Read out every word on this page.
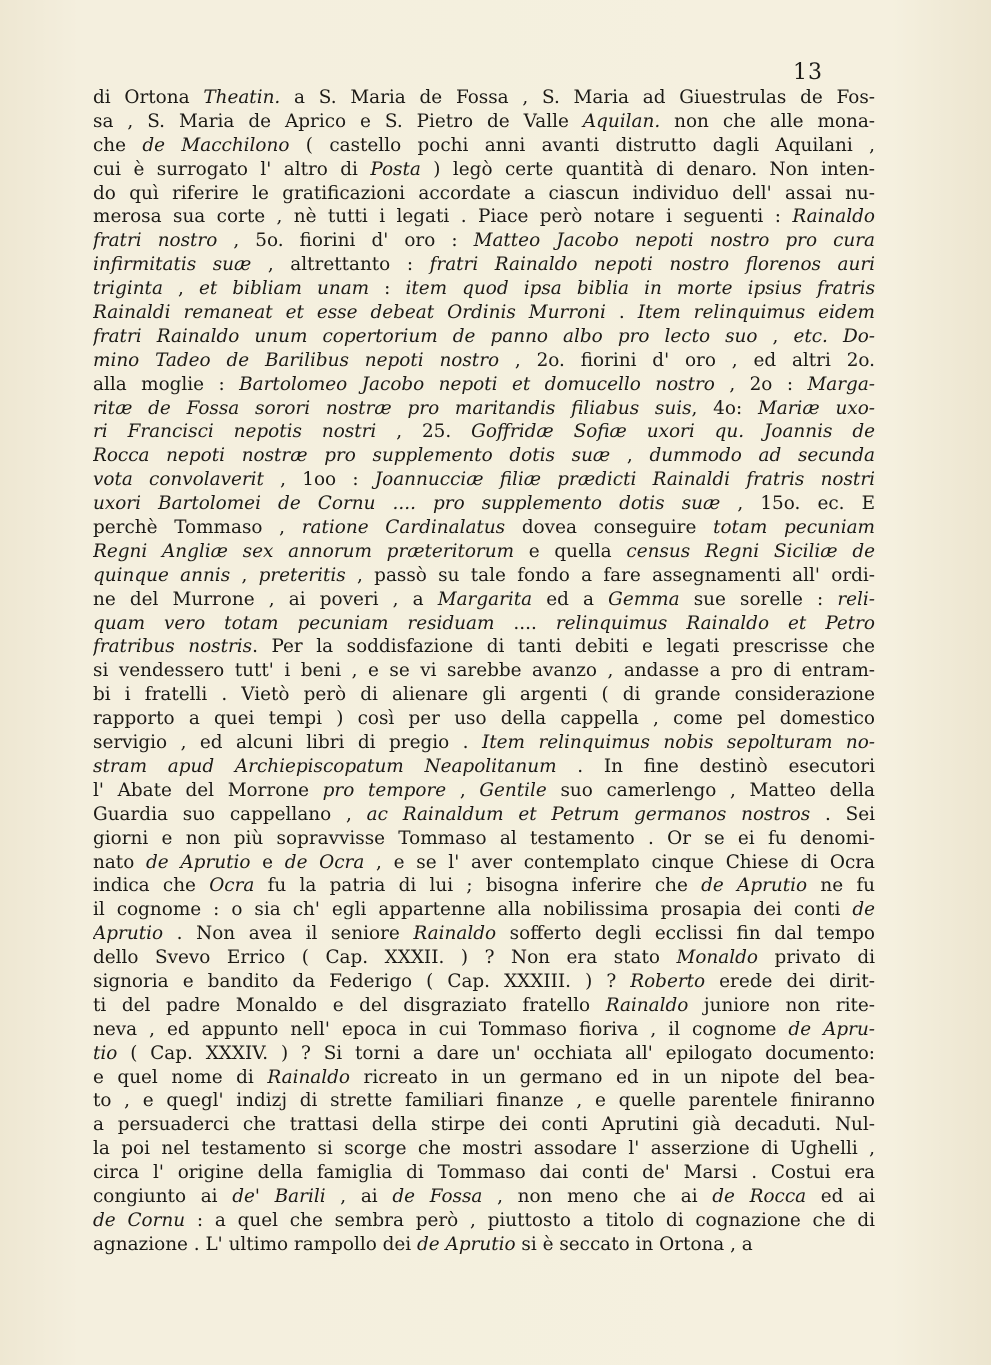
13
di Ortona Theatin. a S. Maria de Fossa , S. Maria ad Giuestrulas de Fos-
sa , S. Maria de Aprico e S. Pietro de Valle Aquilan. non che alle mona-
che de Macchilono ( castello pochi anni avanti distrutto dagli Aquilani ,
cui è surrogato l' altro di Posta ) legò certe quantità di denaro. Non inten-
do quì riferire le gratificazioni accordate a ciascun individuo dell' assai nu-
merosa sua corte , nè tutti i legati . Piace però notare i seguenti : Rainaldo
fratri nostro , 5o. fiorini d' oro : Matteo Jacobo nepoti nostro pro cura
infirmitatis suæ , altrettanto : fratri Rainaldo nepoti nostro florenos auri
triginta , et bibliam unam : item quod ipsa biblia in morte ipsius fratris
Rainaldi remaneat et esse debeat Ordinis Murroni . Item relinquimus eidem
fratri Rainaldo unum copertorium de panno albo pro lecto suo , etc. Do-
mino Tadeo de Barilibus nepoti nostro , 2o. fiorini d' oro , ed altri 2o.
alla moglie : Bartolomeo Jacobo nepoti et domucello nostro , 2o : Marga-
ritæ de Fossa sorori nostræ pro maritandis filiabus suis, 4o: Mariæ uxo-
ri Francisci nepotis nostri , 25. Goffridæ Sofiæ uxori qu. Joannis de
Rocca nepoti nostræ pro supplemento dotis suæ , dummodo ad secunda
vota convolaverit , 1oo : Joannucciæ filiæ prædicti Rainaldi fratris nostri
uxori Bartolomei de Cornu .... pro supplemento dotis suæ , 15o. ec. E
perchè Tommaso , ratione Cardinalatus dovea conseguire totam pecuniam
Regni Angliæ sex annorum præteritorum e quella census Regni Siciliæ de
quinque annis , preteritis , passò su tale fondo a fare assegnamenti all' ordi-
ne del Murrone , ai poveri , a Margarita ed a Gemma sue sorelle : reli-
quam vero totam pecuniam residuam .... relinquimus Rainaldo et Petro
fratribus nostris. Per la soddisfazione di tanti debiti e legati prescrisse che
si vendessero tutt' i beni , e se vi sarebbe avanzo , andasse a pro di entram-
bi i fratelli . Vietò però di alienare gli argenti ( di grande considerazione
rapporto a quei tempi ) così per uso della cappella , come pel domestico
servigio , ed alcuni libri di pregio . Item relinquimus nobis sepolturam no-
stram apud Archiepiscopatum Neapolitanum . In fine destinò esecutori
l' Abate del Morrone pro tempore , Gentile suo camerlengo , Matteo della
Guardia suo cappellano , ac Rainaldum et Petrum germanos nostros . Sei
giorni e non più sopravvisse Tommaso al testamento . Or se ei fu denomi-
nato de Aprutio e de Ocra , e se l' aver contemplato cinque Chiese di Ocra
indica che Ocra fu la patria di lui ; bisogna inferire che de Aprutio ne fu
il cognome : o sia ch' egli appartenne alla nobilissima prosapia dei conti de
Aprutio . Non avea il seniore Rainaldo sofferto degli ecclissi fin dal tempo
dello Svevo Errico ( Cap. XXXII. ) ? Non era stato Monaldo privato di
signoria e bandito da Federigo ( Cap. XXXIII. ) ? Roberto erede dei dirit-
ti del padre Monaldo e del disgraziato fratello Rainaldo juniore non rite-
neva , ed appunto nell' epoca in cui Tommaso fioriva , il cognome de Apru-
tio ( Cap. XXXIV. ) ? Si torni a dare un' occhiata all' epilogato documento:
e quel nome di Rainaldo ricreato in un germano ed in un nipote del bea-
to , e quegl' indizj di strette familiari finanze , e quelle parentele finiranno
a persuaderci che trattasi della stirpe dei conti Aprutini già decaduti. Nul-
la poi nel testamento si scorge che mostri assodare l' asserzione di Ughelli ,
circa l' origine della famiglia di Tommaso dai conti de' Marsi . Costui era
congiunto ai de' Barili , ai de Fossa , non meno che ai de Rocca ed ai
de Cornu : a quel che sembra però , piuttosto a titolo di cognazione che di
agnazione . L' ultimo rampollo dei de Aprutio si è seccato in Ortona , a
